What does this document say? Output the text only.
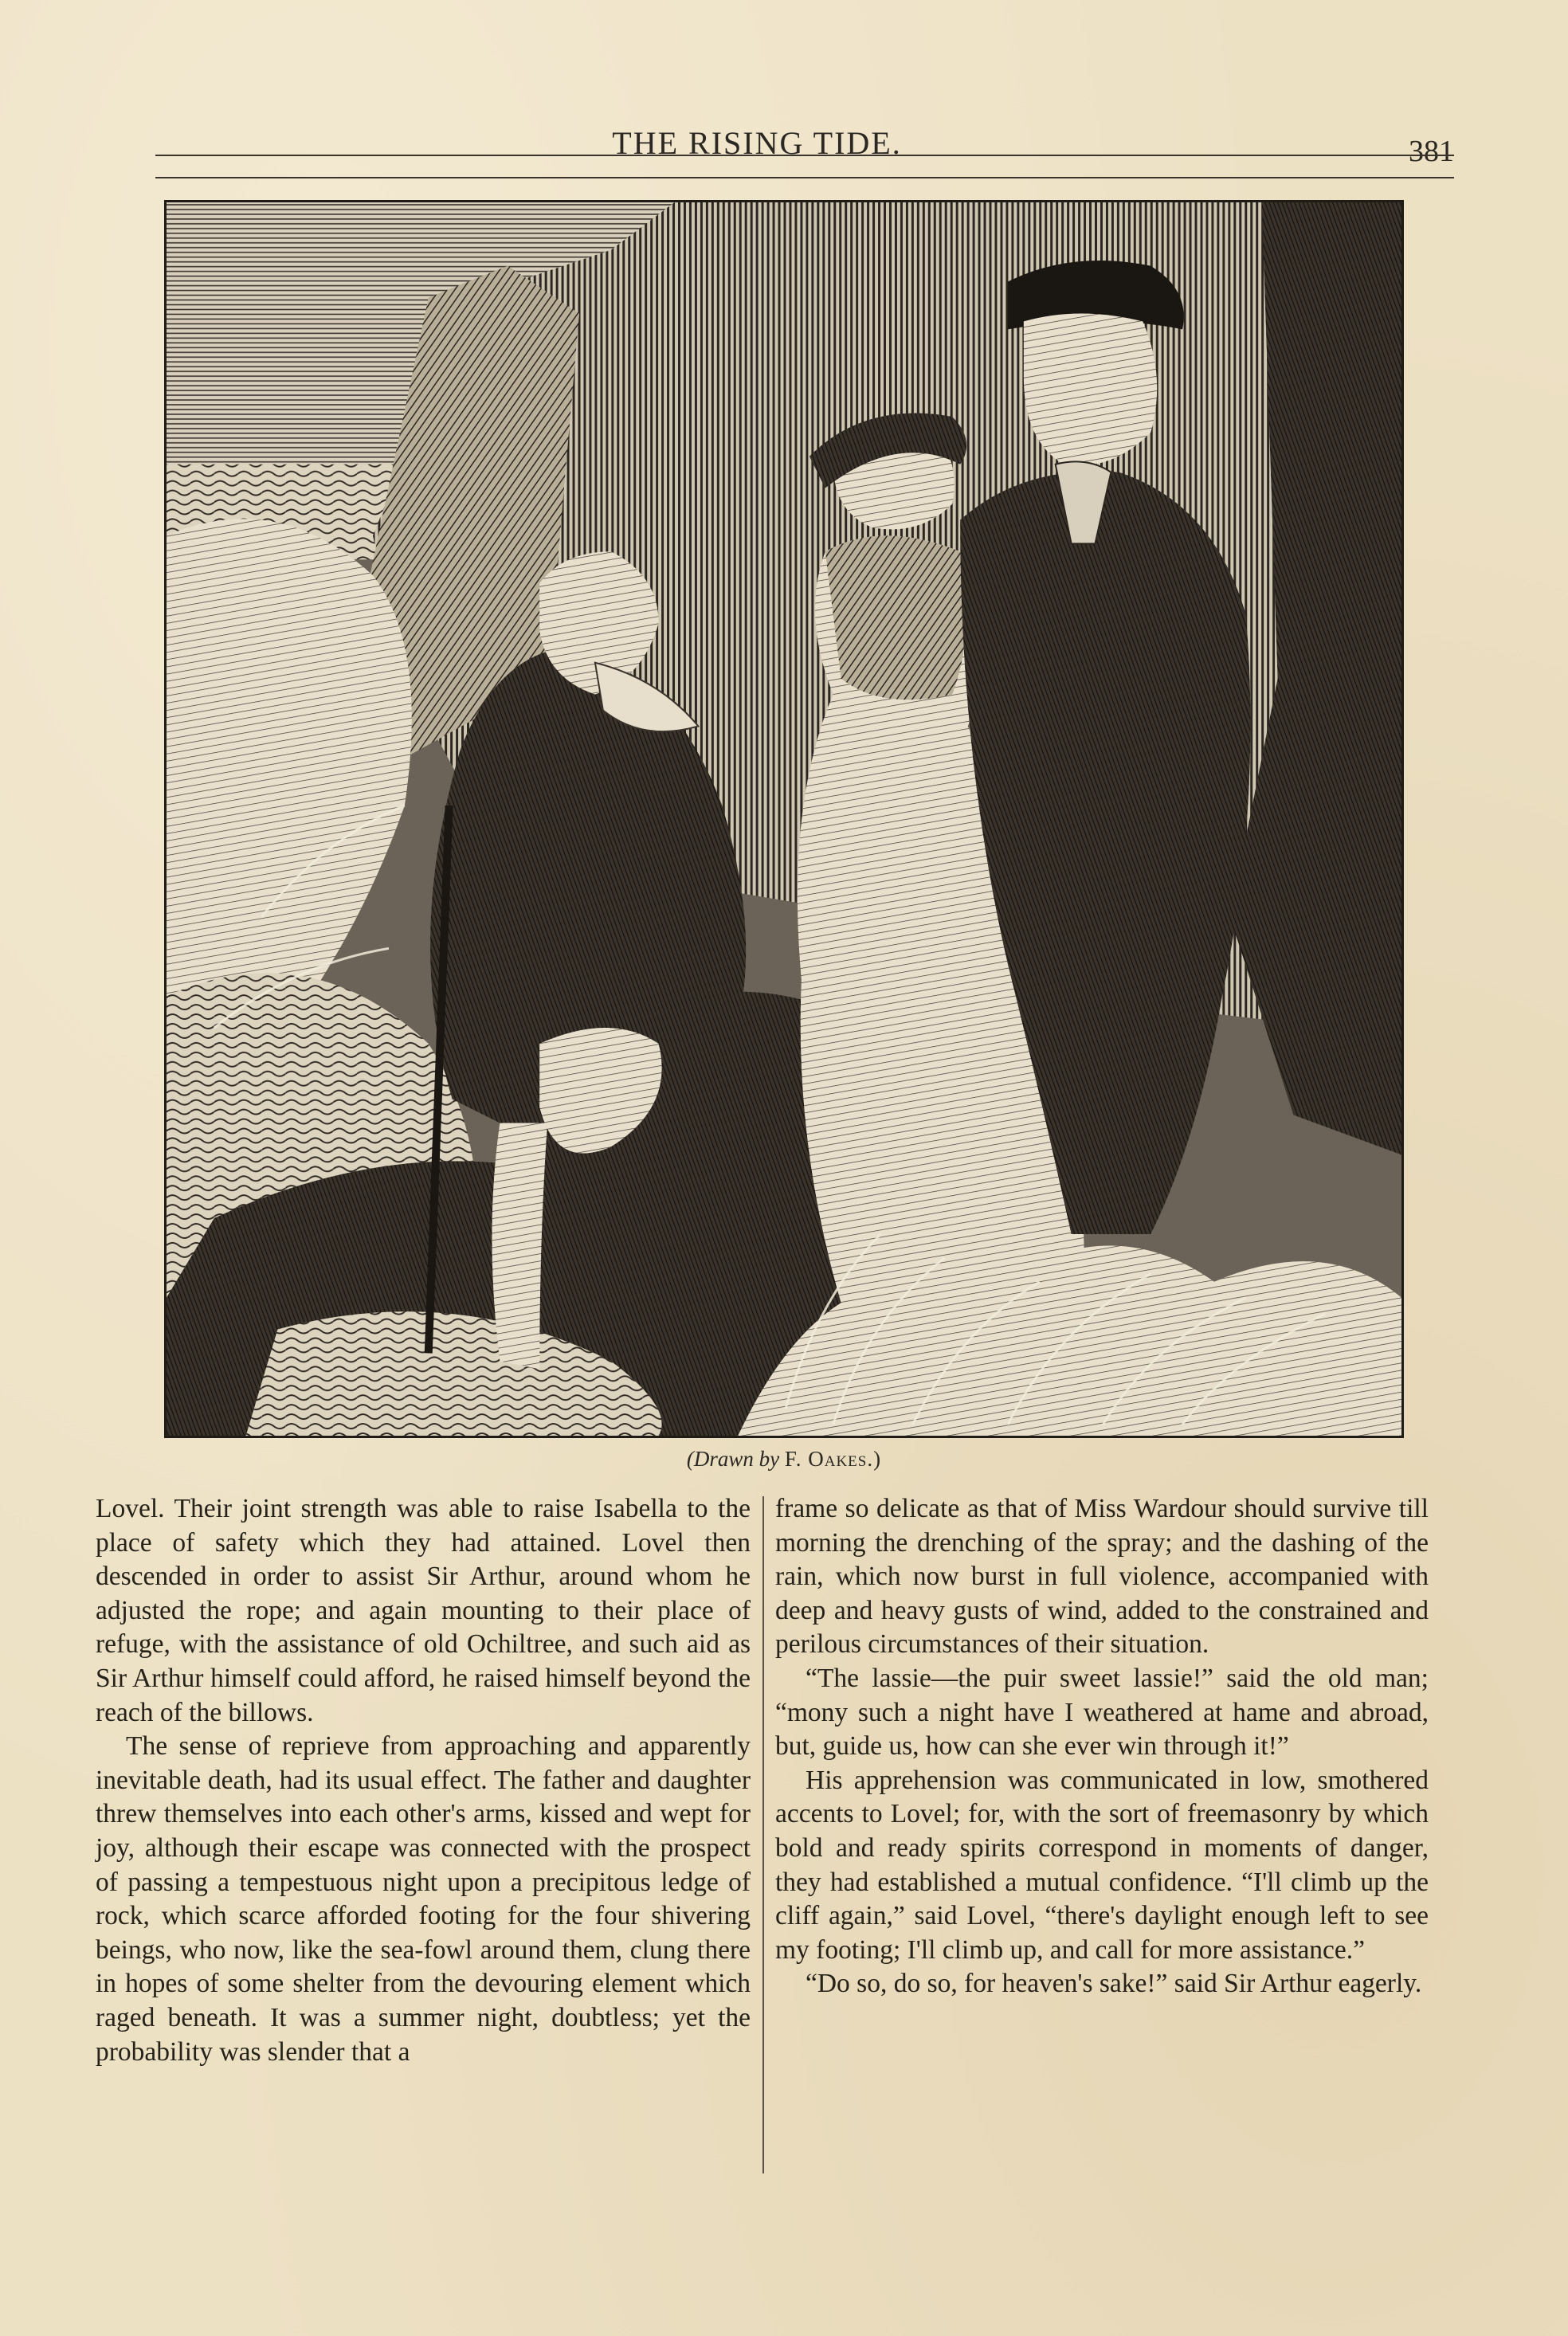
THE RISING TIDE.	381
(Drawn by F. Oakes.)

Lovel. Their joint strength was able to raise Isabella to the place of safety which they had attained. Lovel then descended in order to assist Sir Arthur, around whom he adjusted the rope; and again mounting to their place of refuge, with the assistance of old Ochiltree, and such aid as Sir Arthur himself could afford, he raised himself beyond the reach of the billows.

The sense of reprieve from approaching and apparently inevitable death, had its usual effect. The father and daughter threw themselves into each other's arms, kissed and wept for joy, although their escape was connected with the prospect of passing a tempestuous night upon a precipitous ledge of rock, which scarce afforded footing for the four shivering beings, who now, like the sea-fowl around them, clung there in hopes of some shelter from the devouring element which raged beneath. It was a summer night, doubtless; yet the probability was slender that a

frame so delicate as that of Miss Wardour should survive till morning the drenching of the spray; and the dashing of the rain, which now burst in full violence, accompanied with deep and heavy gusts of wind, added to the constrained and perilous circumstances of their situation.

“The lassie—the puir sweet lassie!” said the old man; “mony such a night have I weathered at hame and abroad, but, guide us, how can she ever win through it!”

His apprehension was communicated in low, smothered accents to Lovel; for, with the sort of freemasonry by which bold and ready spirits correspond in moments of danger, they had established a mutual confidence. “I'll climb up the cliff again,” said Lovel, “there's daylight enough left to see my footing; I'll climb up, and call for more assistance.”

“Do so, do so, for heaven's sake!” said Sir Arthur eagerly.
